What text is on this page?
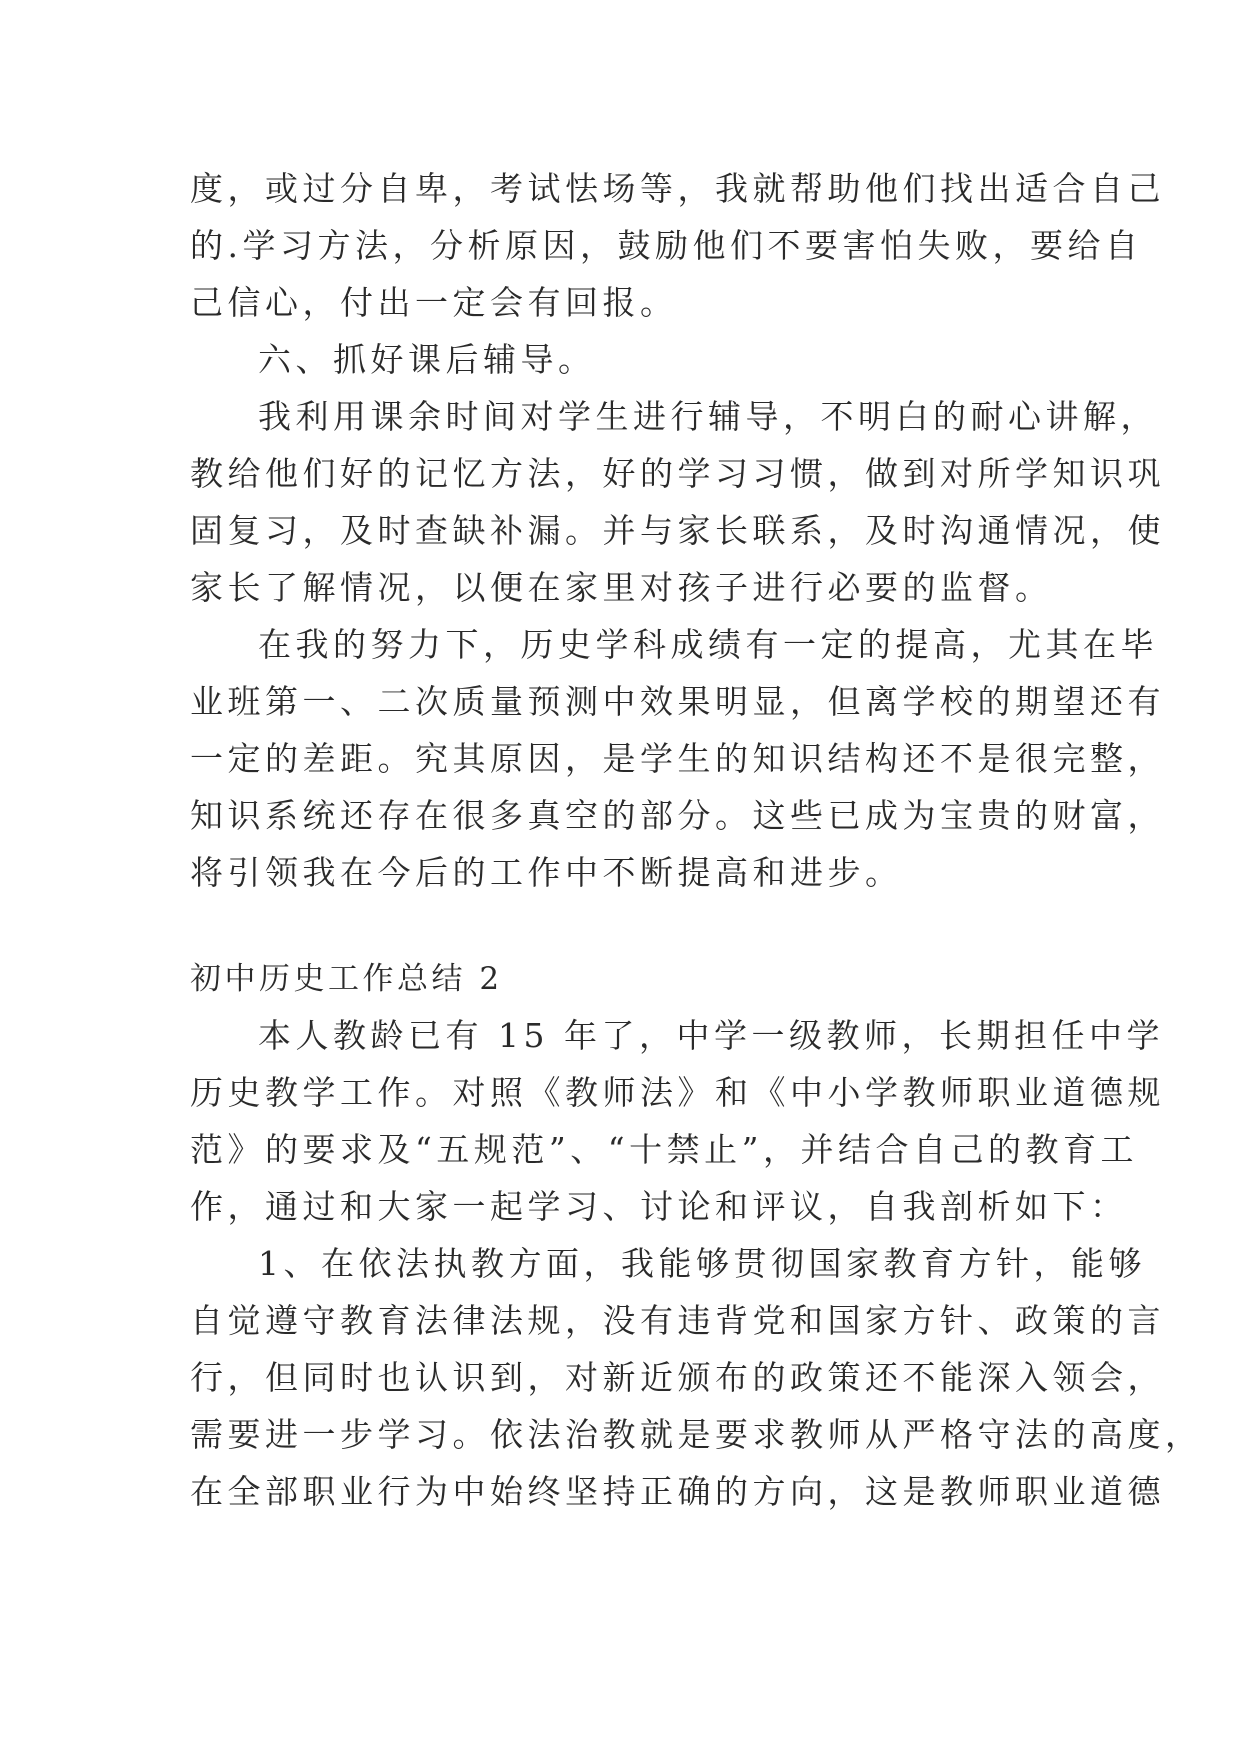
度，或过分自卑，考试怯场等，我就帮助他们找出适合自己
的.学习方法，分析原因，鼓励他们不要害怕失败，要给自
己信心，付出一定会有回报。
六、抓好课后辅导。
我利用课余时间对学生进行辅导，不明白的耐心讲解，
教给他们好的记忆方法，好的学习习惯，做到对所学知识巩
固复习，及时查缺补漏。并与家长联系，及时沟通情况，使
家长了解情况，以便在家里对孩子进行必要的监督。
在我的努力下，历史学科成绩有一定的提高，尤其在毕
业班第一、二次质量预测中效果明显，但离学校的期望还有
一定的差距。究其原因，是学生的知识结构还不是很完整，
知识系统还存在很多真空的部分。这些已成为宝贵的财富，
将引领我在今后的工作中不断提高和进步。
初中历史工作总结 2
本人教龄已有 15 年了，中学一级教师，长期担任中学
历史教学工作。对照《教师法》和《中小学教师职业道德规
范》的要求及“五规范”、“十禁止”，并结合自己的教育工
作，通过和大家一起学习、讨论和评议，自我剖析如下：
1、在依法执教方面，我能够贯彻国家教育方针，能够
自觉遵守教育法律法规，没有违背党和国家方针、政策的言
行，但同时也认识到，对新近颁布的政策还不能深入领会，
需要进一步学习。依法治教就是要求教师从严格守法的高度，
在全部职业行为中始终坚持正确的方向，这是教师职业道德
